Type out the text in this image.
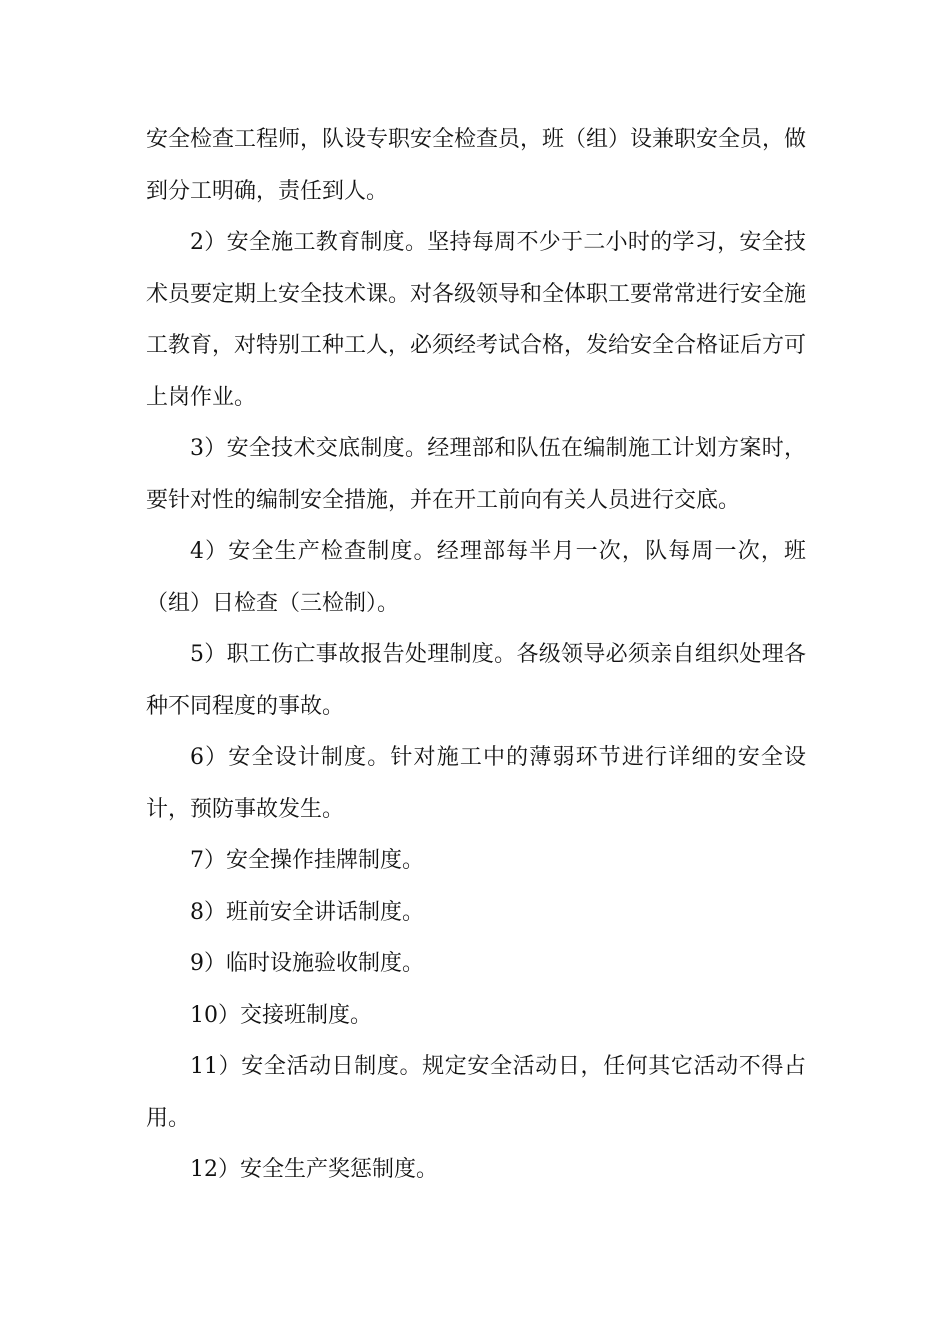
安全检查工程师，队设专职安全检查员，班（组）设兼职安全员，做到分工明确，责任到人。

2）安全施工教育制度。坚持每周不少于二小时的学习，安全技术员要定期上安全技术课。对各级领导和全体职工要常常进行安全施工教育，对特别工种工人，必须经考试合格，发给安全合格证后方可上岗作业。

3）安全技术交底制度。经理部和队伍在编制施工计划方案时，要针对性的编制安全措施，并在开工前向有关人员进行交底。

4）安全生产检查制度。经理部每半月一次，队每周一次，班（组）日检查（三检制）。

5）职工伤亡事故报告处理制度。各级领导必须亲自组织处理各种不同程度的事故。

6）安全设计制度。针对施工中的薄弱环节进行详细的安全设计，预防事故发生。

7）安全操作挂牌制度。

8）班前安全讲话制度。

9）临时设施验收制度。

10）交接班制度。

11）安全活动日制度。规定安全活动日，任何其它活动不得占用。

12）安全生产奖惩制度。
